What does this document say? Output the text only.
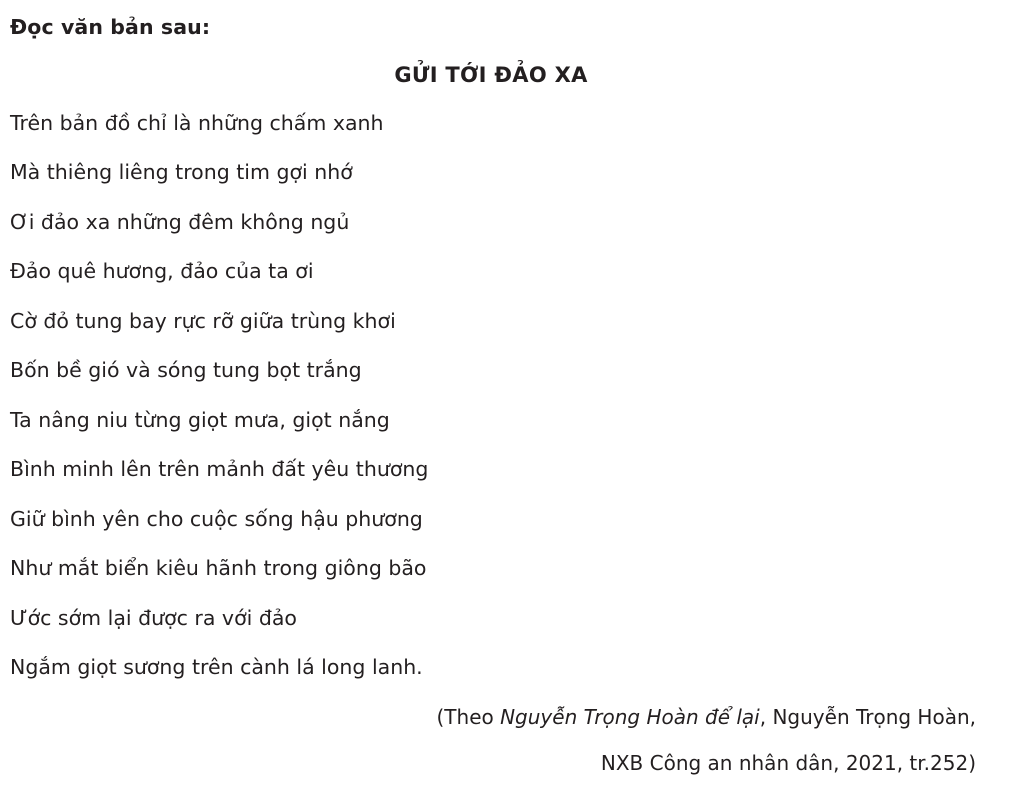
Đọc văn bản sau:
GỬI TỚI ĐẢO XA
Trên bản đồ chỉ là những chấm xanh
Mà thiêng liêng trong tim gợi nhớ
Ơi đảo xa những đêm không ngủ
Đảo quê hương, đảo của ta ơi
Cờ đỏ tung bay rực rỡ giữa trùng khơi
Bốn bề gió và sóng tung bọt trắng
Ta nâng niu từng giọt mưa, giọt nắng
Bình minh lên trên mảnh đất yêu thương
Giữ bình yên cho cuộc sống hậu phương
Như mắt biển kiêu hãnh trong giông bão
Ước sớm lại được ra với đảo
Ngắm giọt sương trên cành lá long lanh.
(Theo Nguyễn Trọng Hoàn để lại, Nguyễn Trọng Hoàn,
NXB Công an nhân dân, 2021, tr.252)
